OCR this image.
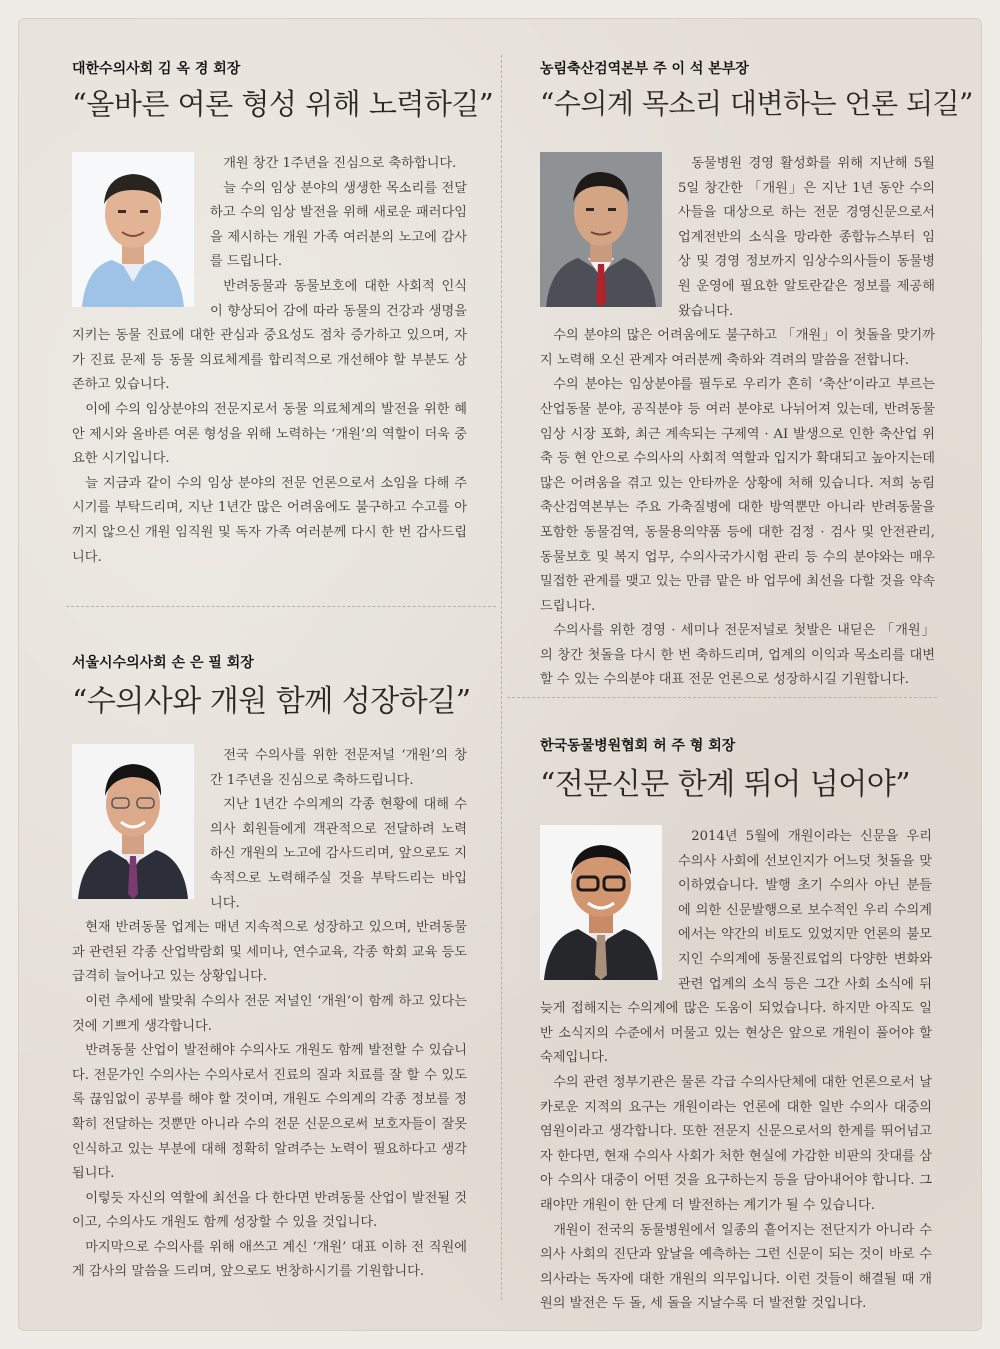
대한수의사회 김 옥 경 회장
“올바른 여론 형성 위해 노력하길”

개원 창간 1주년을 진심으로 축하합니다.

늘 수의 임상 분야의 생생한 목소리를 전달하고 수의 임상 발전을 위해 새로운 패러다임을 제시하는 개원 가족 여러분의 노고에 감사를 드립니다.

반려동물과 동물보호에 대한 사회적 인식이 향상되어 감에 따라 동물의 건강과 생명을 지키는 동물 진료에 대한 관심과 중요성도 점차 증가하고 있으며, 자가 진료 문제 등 동물 의료체계를 합리적으로 개선해야 할 부분도 상존하고 있습니다.

이에 수의 임상분야의 전문지로서 동물 의료체계의 발전을 위한 혜안 제시와 올바른 여론 형성을 위해 노력하는 ‘개원’의 역할이 더욱 중요한 시기입니다.

늘 지금과 같이 수의 임상 분야의 전문 언론으로서 소임을 다해 주시기를 부탁드리며, 지난 1년간 많은 어려움에도 불구하고 수고를 아끼지 않으신 개원 임직원 및 독자 가족 여러분께 다시 한 번 감사드립니다.

농림축산검역본부 주 이 석 본부장
“수의계 목소리 대변하는 언론 되길”

동물병원 경영 활성화를 위해 지난해 5월 5일 창간한 「개원」은 지난 1년 동안 수의사들을 대상으로 하는 전문 경영신문으로서 업계전반의 소식을 망라한 종합뉴스부터 임상 및 경영 정보까지 임상수의사들이 동물병원 운영에 필요한 알토란같은 정보를 제공해 왔습니다.

수의 분야의 많은 어려움에도 불구하고 「개원」이 첫돌을 맞기까지 노력해 오신 관계자 여러분께 축하와 격려의 말씀을 전합니다.

수의 분야는 임상분야를 필두로 우리가 흔히 ‘축산’이라고 부르는 산업동물 분야, 공직분야 등 여러 분야로 나뉘어져 있는데, 반려동물 임상 시장 포화, 최근 계속되는 구제역 · AI 발생으로 인한 축산업 위축 등 현 안으로 수의사의 사회적 역할과 입지가 확대되고 높아지는데 많은 어려움을 겪고 있는 안타까운 상황에 처해 있습니다. 저희 농림축산검역본부는 주요 가축질병에 대한 방역뿐만 아니라 반려동물을 포함한 동물검역, 동물용의약품 등에 대한 검정 · 검사 및 안전관리, 동물보호 및 복지 업무, 수의사국가시험 관리 등 수의 분야와는 매우 밀접한 관계를 맺고 있는 만큼 맡은 바 업무에 최선을 다할 것을 약속드립니다.

수의사를 위한 경영 · 세미나 전문저널로 첫발은 내딛은 「개원」의 창간 첫돌을 다시 한 번 축하드리며, 업계의 이익과 목소리를 대변할 수 있는 수의분야 대표 전문 언론으로 성장하시길 기원합니다.

서울시수의사회 손 은 필 회장
“수의사와 개원 함께 성장하길”

전국 수의사를 위한 전문저널 ‘개원’의 창간 1주년을 진심으로 축하드립니다.

지난 1년간 수의계의 각종 현황에 대해 수의사 회원들에게 객관적으로 전달하려 노력하신 개원의 노고에 감사드리며, 앞으로도 지속적으로 노력해주실 것을 부탁드리는 바입니다.

현재 반려동물 업계는 매년 지속적으로 성장하고 있으며, 반려동물과 관련된 각종 산업박람회 및 세미나, 연수교육, 각종 학회 교육 등도 급격히 늘어나고 있는 상황입니다.

이런 추세에 발맞춰 수의사 전문 저널인 ‘개원’이 함께 하고 있다는 것에 기쁘게 생각합니다.

반려동물 산업이 발전해야 수의사도 개원도 함께 발전할 수 있습니다. 전문가인 수의사는 수의사로서 진료의 질과 치료를 잘 할 수 있도록 끊임없이 공부를 해야 할 것이며, 개원도 수의계의 각종 정보를 정확히 전달하는 것뿐만 아니라 수의 전문 신문으로써 보호자들이 잘못 인식하고 있는 부분에 대해 정확히 알려주는 노력이 필요하다고 생각됩니다.

이렇듯 자신의 역할에 최선을 다 한다면 반려동물 산업이 발전될 것이고, 수의사도 개원도 함께 성장할 수 있을 것입니다.

마지막으로 수의사를 위해 애쓰고 계신 ‘개원’ 대표 이하 전 직원에게 감사의 말씀을 드리며, 앞으로도 번창하시기를 기원합니다.

한국동물병원협회 허 주 형 회장
“전문신문 한계 뛰어 넘어야”

2014년 5월에 개원이라는 신문을 우리 수의사 사회에 선보인지가 어느덧 첫돌을 맞이하였습니다. 발행 초기 수의사 아닌 분들에 의한 신문발행으로 보수적인 우리 수의계에서는 약간의 비토도 있었지만 언론의 불모지인 수의계에 동물진료업의 다양한 변화와 관련 업계의 소식 등은 그간 사회 소식에 뒤늦게 접해지는 수의계에 많은 도움이 되었습니다. 하지만 아직도 일반 소식지의 수준에서 머물고 있는 현상은 앞으로 개원이 풀어야 할 숙제입니다.

수의 관련 정부기관은 물론 각급 수의사단체에 대한 언론으로서 날카로운 지적의 요구는 개원이라는 언론에 대한 일반 수의사 대중의 염원이라고 생각합니다. 또한 전문지 신문으로서의 한계를 뛰어넘고자 한다면, 현재 수의사 사회가 처한 현실에 가감한 비판의 잣대를 삼아 수의사 대중이 어떤 것을 요구하는지 등을 담아내어야 합니다. 그래야만 개원이 한 단계 더 발전하는 계기가 될 수 있습니다.

개원이 전국의 동물병원에서 일종의 흩어지는 전단지가 아니라 수의사 사회의 진단과 앞날을 예측하는 그런 신문이 되는 것이 바로 수의사라는 독자에 대한 개원의 의무입니다. 이런 것들이 해결될 때 개원의 발전은 두 돌, 세 돌을 지날수록 더 발전할 것입니다.
